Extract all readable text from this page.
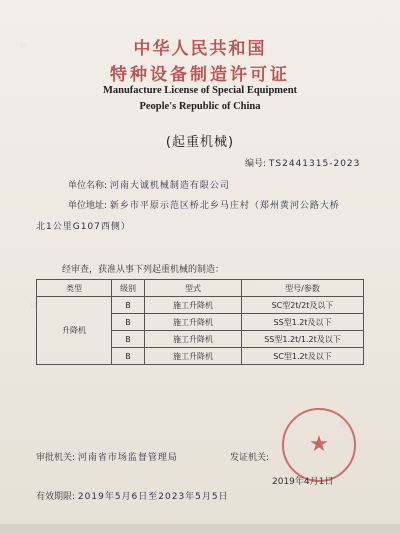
◇
◇
◇
◇
中华人民共和国
特种设备制造许可证
Manufacture License of Special Equipment
People's Republic of China
(起重机械)
编号: TS2441315-2023
单位名称: 河南大诚机械制造有限公司
单位地址: 新乡市平原示范区桥北乡马庄村（郑州黄河公路大桥
北1公里G107西侧）
经审查，获准从事下列起重机械的制造：
类型	级别	型式	型号/参数
升降机	B	施工升降机	SC型2t/2t及以下
	B	施工升降机	SS型1.2t及以下
	B	施工升降机	SS型1.2t/1.2t及以下
	B	施工升降机	SC型1.2t及以下
审批机关: 河南省市场监督管理局	发证机关:
★
2019年4月1日
有效期限: 2019年5月6日至2023年5月5日
